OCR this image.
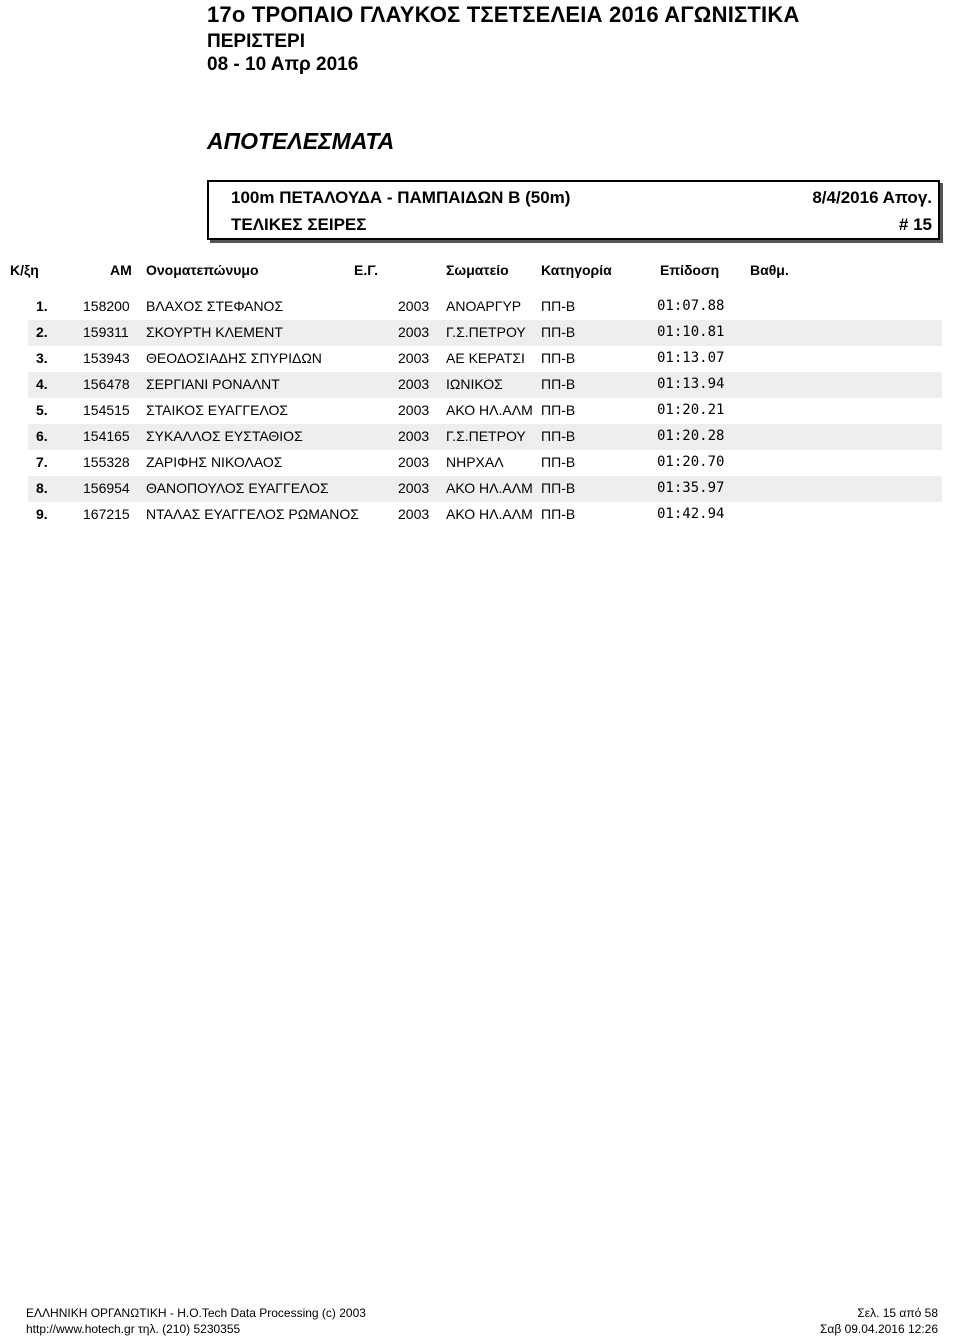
17ο ΤΡΟΠΑΙΟ ΓΛΑΥΚΟΣ ΤΣΕΤΣΕΛΕΙΑ 2016 ΑΓΩΝΙΣΤΙΚΑ
ΠΕΡΙΣΤΕΡΙ
08 - 10 Απρ 2016
ΑΠΟΤΕΛΕΣΜΑΤΑ
100m ΠΕΤΑΛΟΥΔΑ - ΠΑΜΠΑΙΔΩΝ Β (50m)	8/4/2016 Απογ.
ΤΕΛΙΚΕΣ ΣΕΙΡΕΣ	# 15
Κ/ξη	ΑΜ Ονοματεπώνυμο	Ε.Γ.	Σωματείο Κατηγορία	Επίδοση Βαθμ.
1.	158200 ΒΛΑΧΟΣ ΣΤΕΦΑΝΟΣ	2003 ΑΝΟΑΡΓΥΡ ΠΠ-Β	01:07.88
2.	159311 ΣΚΟΥΡΤΗ ΚΛΕΜΕΝΤ	2003 Γ.Σ.ΠΕΤΡΟΥ ΠΠ-Β	01:10.81
3.	153943 ΘΕΟΔΟΣΙΑΔΗΣ ΣΠΥΡΙΔΩΝ	2003 ΑΕ ΚΕΡΑΤΣΙ ΠΠ-Β	01:13.07
4.	156478 ΣΕΡΓΙΑΝΙ ΡΟΝΑΛΝΤ	2003 ΙΩΝΙΚΟΣ	ΠΠ-Β	01:13.94
5.	154515 ΣΤΑΙΚΟΣ ΕΥΑΓΓΕΛΟΣ	2003 ΑΚΟ ΗΛ.ΑΛΜ ΠΠ-Β	01:20.21
6.	154165 ΣΥΚΑΛΛΟΣ ΕΥΣΤΑΘΙΟΣ	2003 Γ.Σ.ΠΕΤΡΟΥ ΠΠ-Β	01:20.28
7.	155328 ΖΑΡΙΦΗΣ ΝΙΚΟΛΑΟΣ	2003 ΝΗΡΧΑΛ	ΠΠ-Β	01:20.70
8.	156954 ΘΑΝΟΠΟΥΛΟΣ ΕΥΑΓΓΕΛΟΣ	2003 ΑΚΟ ΗΛ.ΑΛΜ ΠΠ-Β	01:35.97
9.	167215 ΝΤΑΛΑΣ ΕΥΑΓΓΕΛΟΣ ΡΩΜΑΝΟΣ	2003 ΑΚΟ ΗΛ.ΑΛΜ ΠΠ-Β	01:42.94
ΕΛΛΗΝΙΚΗ ΟΡΓΑΝΩΤΙΚΗ - Η.Ο.Tech Data Processing (c) 2003
http://www.hotech.gr τηλ. (210) 5230355
Σελ. 15 από 58
Σαβ 09.04.2016 12:26
